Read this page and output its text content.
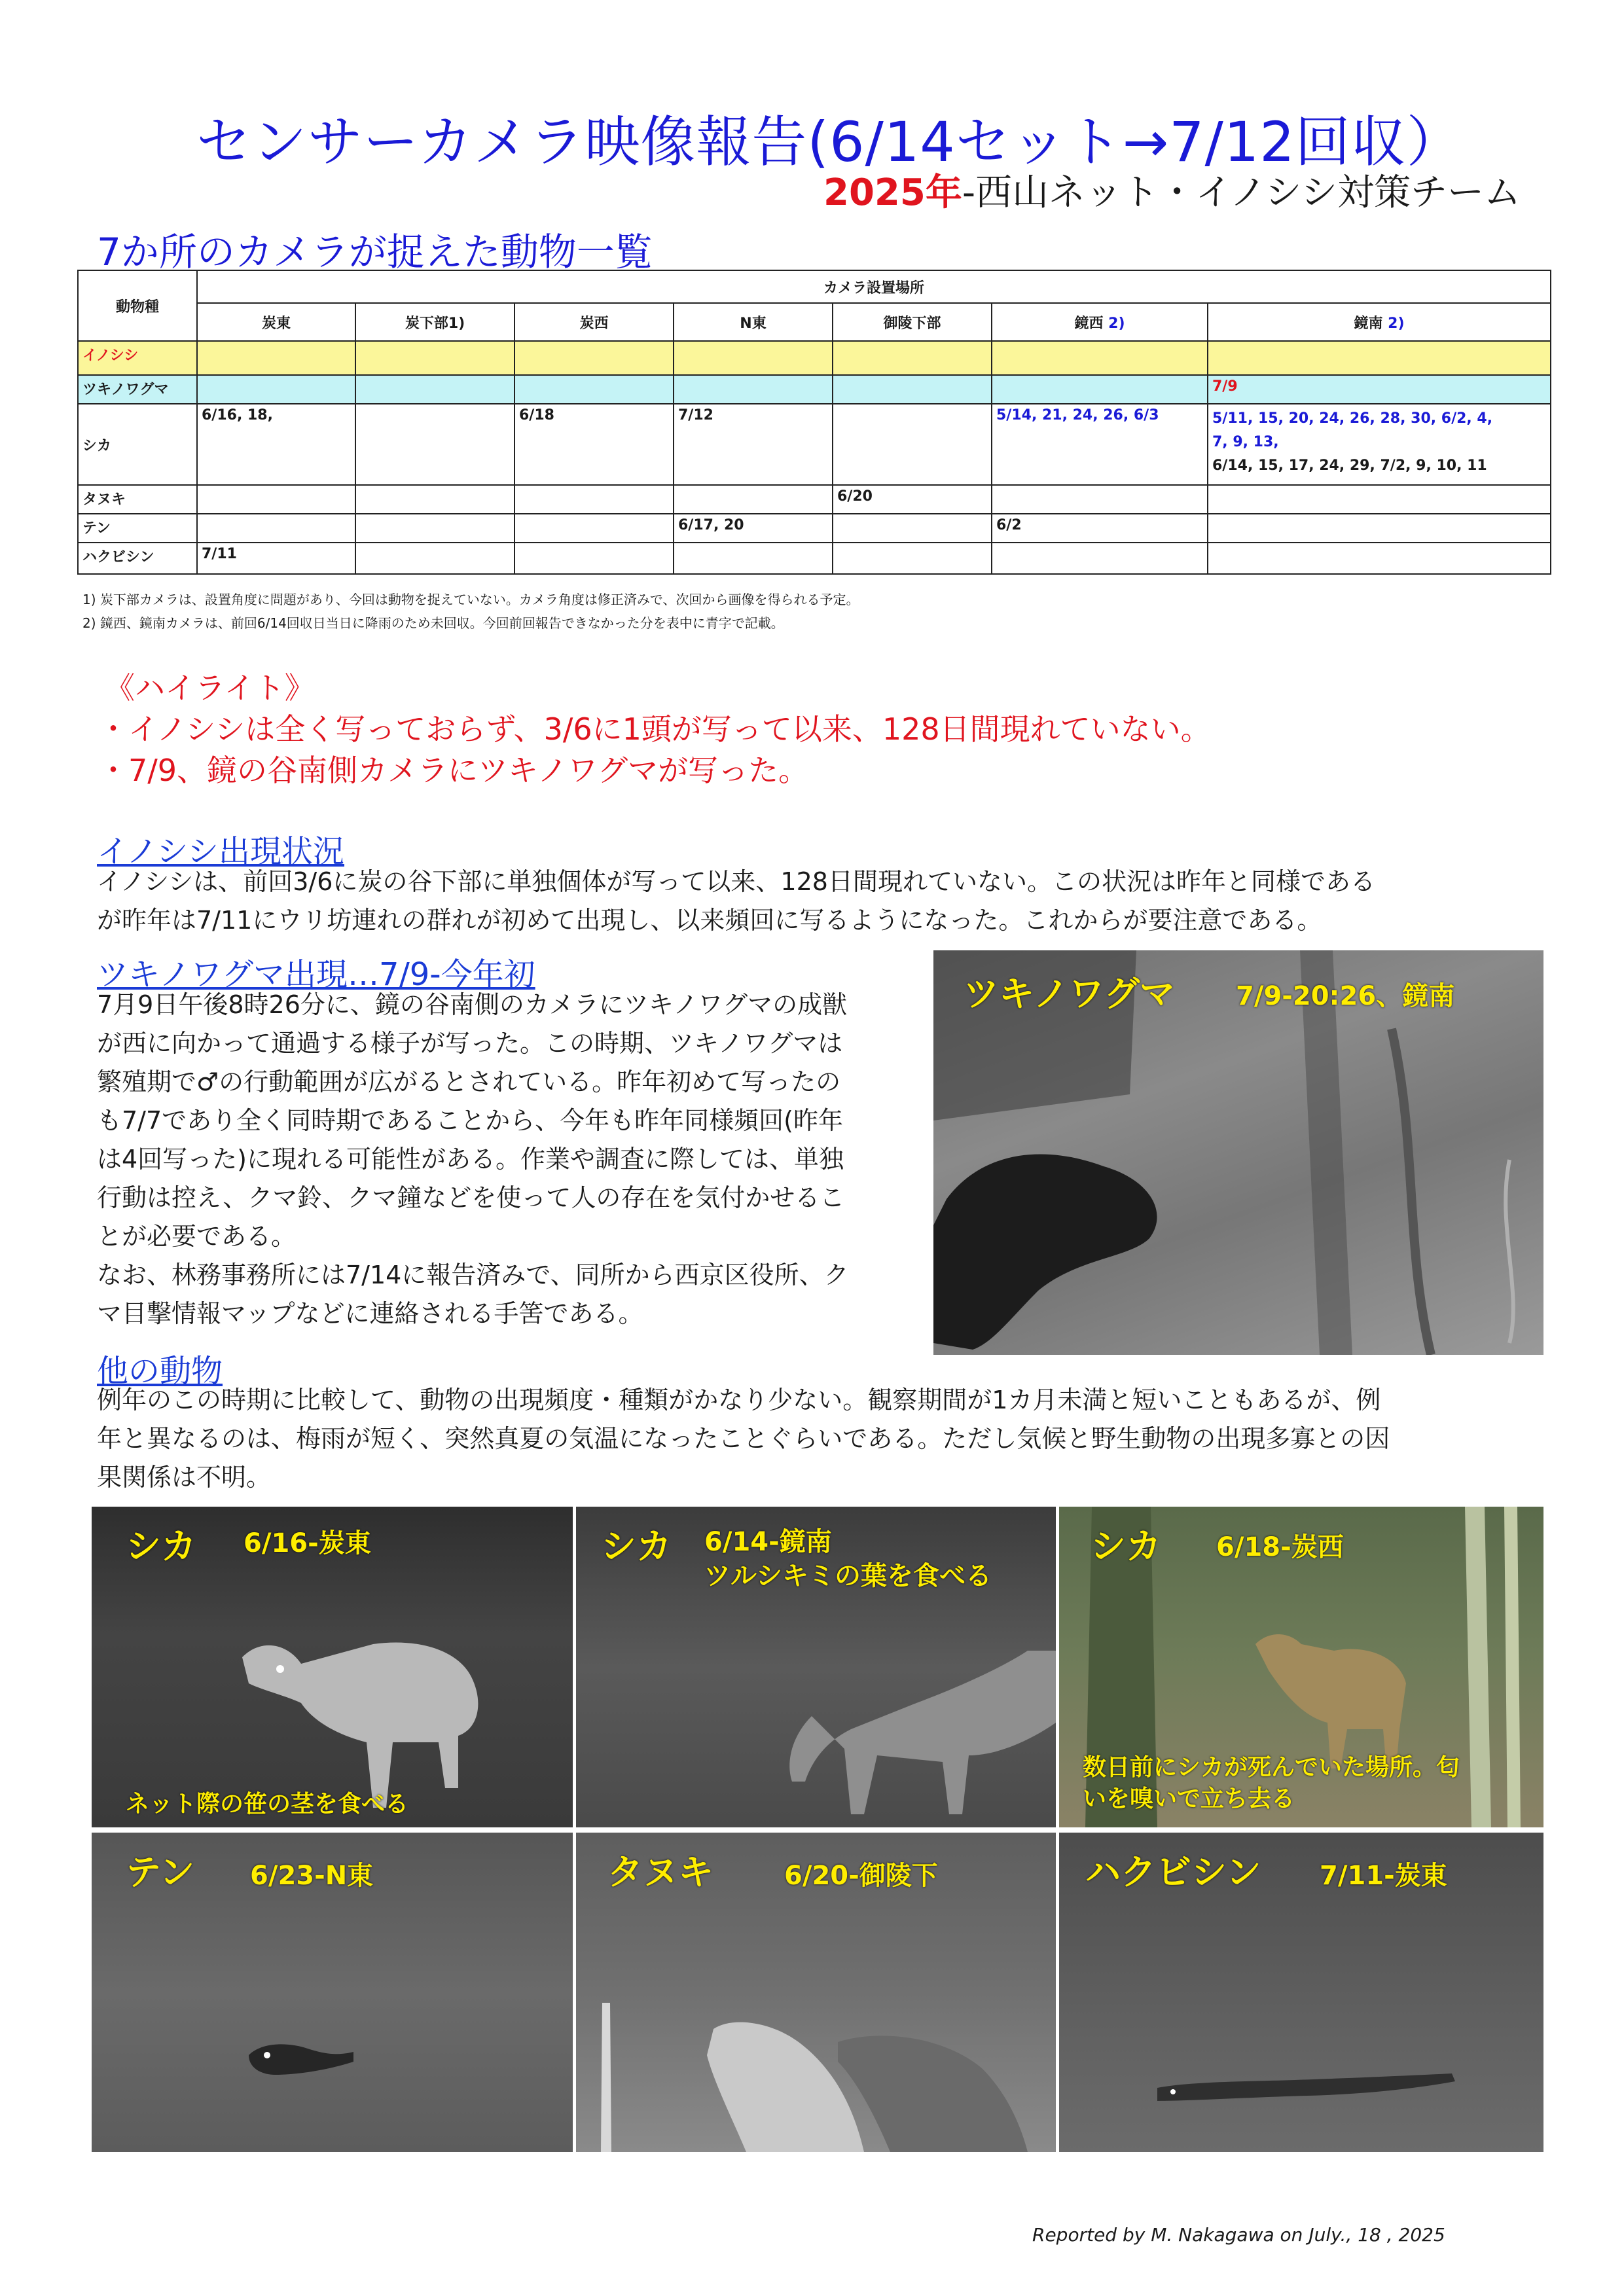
センサーカメラ映像報告(6/14セット→7/12回収）
2025年-西山ネット・イノシシ対策チーム
7か所のカメラが捉えた動物一覧
動物種	カメラ設置場所						
	炭東	炭下部1)	炭西	N東	御陵下部	鏡西 2)	鏡南 2)
イノシシ							
ツキノワグマ							7/9
シカ	6/16, 18,		6/18	7/12		5/14, 21, 24, 26, 6/3	5/11, 15, 20, 24, 26, 28, 30, 6/2, 4,
7, 9, 13,
6/14, 15, 17, 24, 29, 7/2, 9, 10, 11

タヌキ					6/20		
テン				6/17, 20		6/2	
ハクビシン	7/11						
1) 炭下部カメラは、設置角度に問題があり、今回は動物を捉えていない。カメラ角度は修正済みで、次回から画像を得られる予定。
2) 鏡西、鏡南カメラは、前回6/14回収日当日に降雨のため未回収。今回前回報告できなかった分を表中に青字で記載。
《ハイライト》
・イノシシは全く写っておらず、3/6に1頭が写って以来、128日間現れていない。
・7/9、鏡の谷南側カメラにツキノワグマが写った。
イノシシ出現状況
イノシシは、前回3/6に炭の谷下部に単独個体が写って以来、128日間現れていない。この状況は昨年と同様である
が昨年は7/11にウリ坊連れの群れが初めて出現し、以来頻回に写るようになった。これからが要注意である。
ツキノワグマ出現…7/9-今年初
7月9日午後8時26分に、鏡の谷南側のカメラにツキノワグマの成獣
が西に向かって通過する様子が写った。この時期、ツキノワグマは
繁殖期で♂の行動範囲が広がるとされている。昨年初めて写ったの
も7/7であり全く同時期であることから、今年も昨年同様頻回(昨年
は4回写った)に現れる可能性がある。作業や調査に際しては、単独
行動は控え、クマ鈴、クマ鐘などを使って人の存在を気付かせるこ
とが必要である。
なお、林務事務所には7/14に報告済みで、同所から西京区役所、ク
マ目撃情報マップなどに連絡される手筈である。
ツキノワグマ 7/9-20:26、鏡南
他の動物
例年のこの時期に比較して、動物の出現頻度・種類がかなり少ない。観察期間が1カ月未満と短いこともあるが、例
年と異なるのは、梅雨が短く、突然真夏の気温になったことぐらいである。ただし気候と野生動物の出現多寡との因
果関係は不明。
シカ 6/16-炭東
ネット際の笹の茎を食べる
シカ 6/14-鏡南
ツルシキミの葉を食べる
シカ 6/18-炭西
数日前にシカが死んでいた場所。匂
いを嗅いで立ち去る
テン 6/23-N東	タヌキ	6/20-御陵下	ハクビシン 7/11-炭東
Reported by M. Nakagawa on July., 18 , 2025
